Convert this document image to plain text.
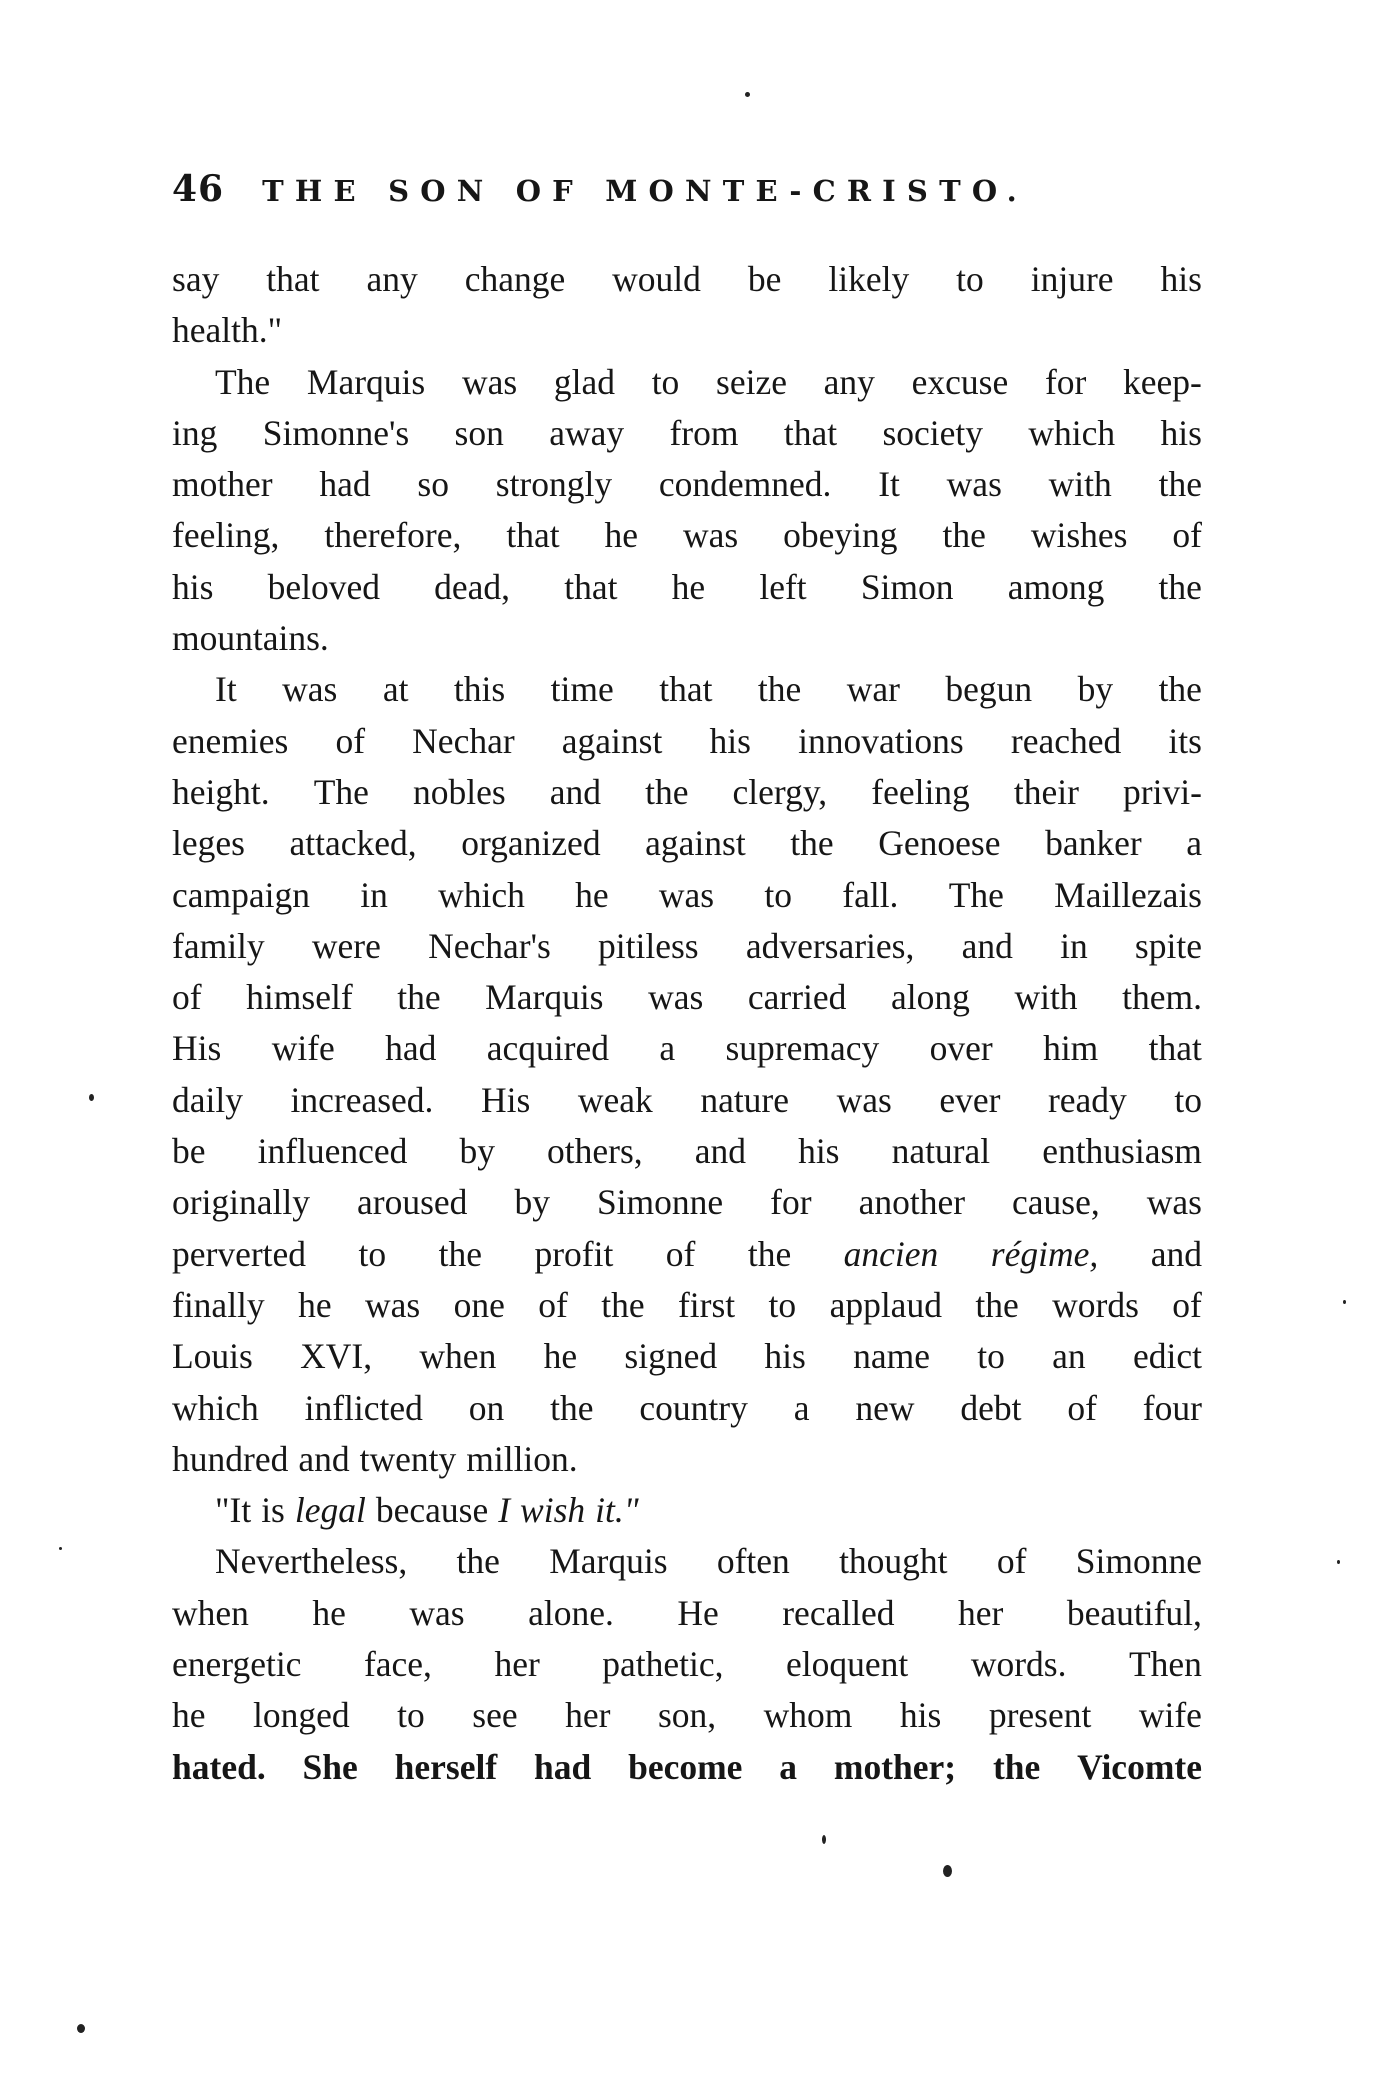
46 THE SON OF MONTE-CRISTO.
say that any change would be likely to injure his
health."
The Marquis was glad to seize any excuse for keep-
ing Simonne's son away from that society which his
mother had so strongly condemned. It was with the
feeling, therefore, that he was obeying the wishes of
his beloved dead, that he left Simon among the
mountains.
It was at this time that the war begun by the
enemies of Nechar against his innovations reached its
height. The nobles and the clergy, feeling their privi-
leges attacked, organized against the Genoese banker a
campaign in which he was to fall. The Maillezais
family were Nechar's pitiless adversaries, and in spite
of himself the Marquis was carried along with them.
His wife had acquired a supremacy over him that
daily increased. His weak nature was ever ready to
be influenced by others, and his natural enthusiasm
originally aroused by Simonne for another cause, was
perverted to the profit of the ancien régime, and
finally he was one of the first to applaud the words of
Louis XVI, when he signed his name to an edict
which inflicted on the country a new debt of four
hundred and twenty million.
"It is legal because I wish it."
Nevertheless, the Marquis often thought of Simonne
when he was alone. He recalled her beautiful,
energetic face, her pathetic, eloquent words. Then
he longed to see her son, whom his present wife
hated. She herself had become a mother; the Vicomte
